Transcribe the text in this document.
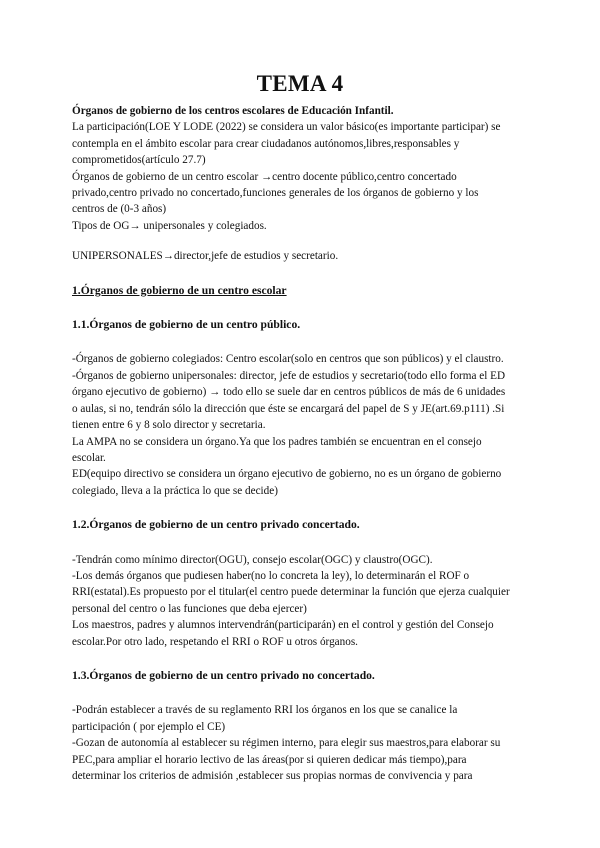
TEMA 4

Órganos de gobierno de los centros escolares de Educación Infantil.

La participación(LOE Y LODE (2022) se considera un valor básico(es importante participar) se contempla en el ámbito escolar para crear ciudadanos autónomos,libres,responsables y comprometidos(artículo 27.7)

Órganos de gobierno de un centro escolar →centro docente público,centro concertado privado,centro privado no concertado,funciones generales de los órganos de gobierno y los centros de (0-3 años)

Tipos de OG→ unipersonales y colegiados.

UNIPERSONALES→director,jefe de estudios y secretario.

1.Órganos de gobierno de un centro escolar

1.1.Órganos de gobierno de un centro público.

-Órganos de gobierno colegiados: Centro escolar(solo en centros que son públicos) y el claustro.

-Órganos de gobierno unipersonales: director, jefe de estudios y secretario(todo ello forma el ED órgano ejecutivo de gobierno) → todo ello se suele dar en centros públicos de más de 6 unidades o aulas, si no, tendrán sólo la dirección que éste se encargará del papel de S y JE(art.69.p111) .Si tienen entre 6 y 8 solo director y secretaria.

La AMPA no se considera un órgano.Ya que los padres también se encuentran en el consejo escolar.

ED(equipo directivo se considera un órgano ejecutivo de gobierno, no es un órgano de gobierno colegiado, lleva a la práctica lo que se decide)

1.2.Órganos de gobierno de un centro privado concertado.

-Tendrán como mínimo director(OGU), consejo escolar(OGC) y claustro(OGC).

-Los demás órganos que pudiesen haber(no lo concreta la ley), lo determinarán el ROF o RRI(estatal).Es propuesto por el titular(el centro puede determinar la función que ejerza cualquier personal del centro o las funciones que deba ejercer)

Los maestros, padres y alumnos intervendrán(participarán) en el control y gestión del Consejo escolar.Por otro lado, respetando el RRI o ROF u otros órganos.

1.3.Órganos de gobierno de un centro privado no concertado.

-Podrán establecer a través de su reglamento RRI los órganos en los que se canalice la participación ( por ejemplo el CE)

-Gozan de autonomía al establecer su régimen interno, para elegir sus maestros,para elaborar su PEC,para ampliar el horario lectivo de las áreas(por si quieren dedicar más tiempo),para determinar los criterios de admisión ,establecer sus propias normas de convivencia y para
